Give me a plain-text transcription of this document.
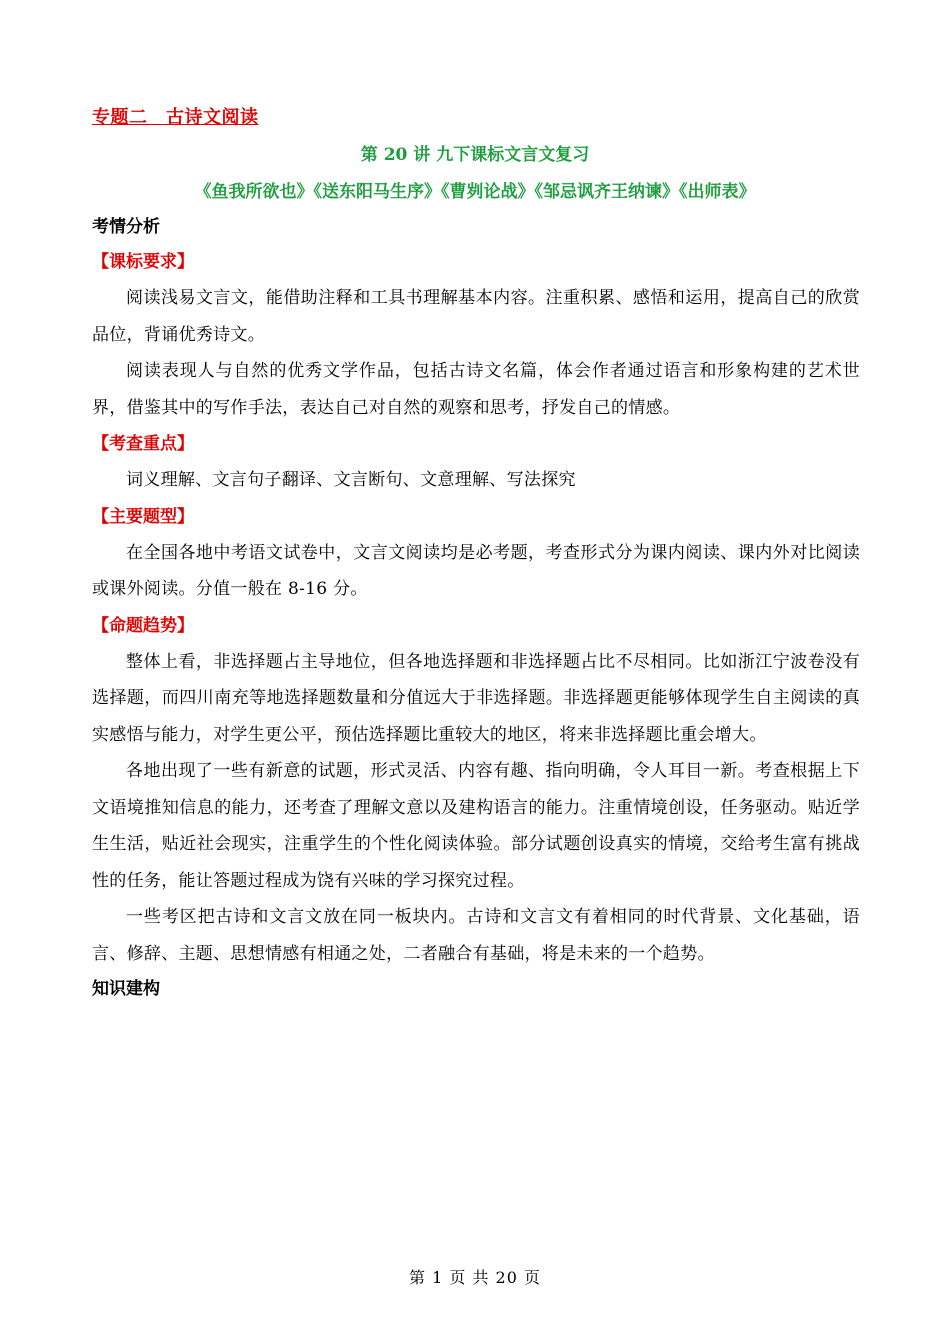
专题二　古诗文阅读
第 20 讲 九下课标文言文复习
《鱼我所欲也》《送东阳马生序》《曹刿论战》《邹忌讽齐王纳谏》《出师表》
考情分析
【课标要求】

阅读浅易文言文，能借助注释和工具书理解基本内容。注重积累、感悟和运用，提高自己的欣赏品位，背诵优秀诗文。

阅读表现人与自然的优秀文学作品，包括古诗文名篇，体会作者通过语言和形象构建的艺术世界，借鉴其中的写作手法，表达自己对自然的观察和思考，抒发自己的情感。

【考查重点】

词义理解、文言句子翻译、文言断句、文意理解、写法探究

【主要题型】

在全国各地中考语文试卷中，文言文阅读均是必考题，考查形式分为课内阅读、课内外对比阅读或课外阅读。分值一般在 8-16 分。

【命题趋势】

整体上看，非选择题占主导地位，但各地选择题和非选择题占比不尽相同。比如浙江宁波卷没有选择题，而四川南充等地选择题数量和分值远大于非选择题。非选择题更能够体现学生自主阅读的真实感悟与能力，对学生更公平，预估选择题比重较大的地区，将来非选择题比重会增大。

各地出现了一些有新意的试题，形式灵活、内容有趣、指向明确，令人耳目一新。考查根据上下文语境推知信息的能力，还考查了理解文意以及建构语言的能力。注重情境创设，任务驱动。贴近学生生活，贴近社会现实，注重学生的个性化阅读体验。部分试题创设真实的情境，交给考生富有挑战性的任务，能让答题过程成为饶有兴味的学习探究过程。

一些考区把古诗和文言文放在同一板块内。古诗和文言文有着相同的时代背景、文化基础，语言、修辞、主题、思想情感有相通之处，二者融合有基础，将是未来的一个趋势。

知识建构
第 1 页 共 20 页
